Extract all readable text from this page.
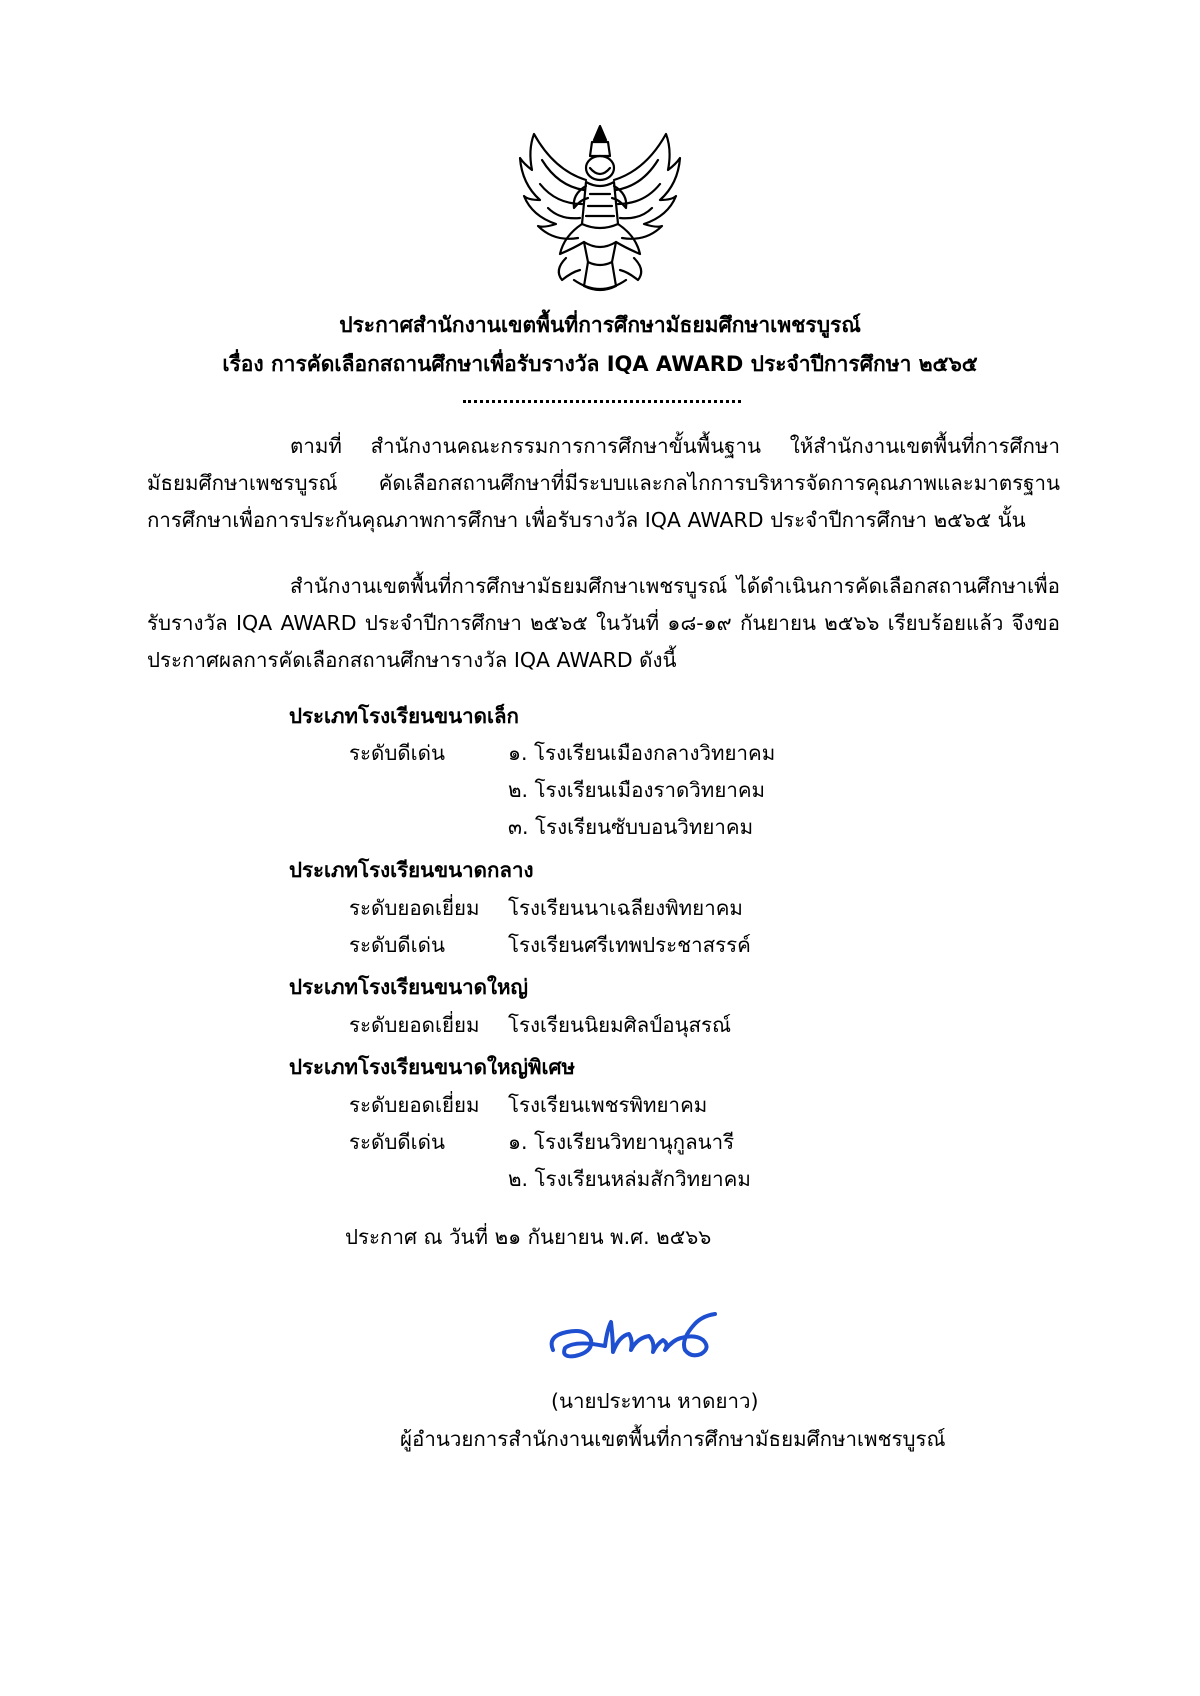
ประกาศสำนักงานเขตพื้นที่การศึกษามัธยมศึกษาเพชรบูรณ์
เรื่อง การคัดเลือกสถานศึกษาเพื่อรับรางวัล IQA AWARD ประจำปีการศึกษา ๒๕๖๕
ตามที่ สำนักงานคณะกรรมการการศึกษาขั้นพื้นฐาน ให้สำนักงานเขตพื้นที่การศึกษามัธยมศึกษาเพชรบูรณ์ คัดเลือกสถานศึกษาที่มีระบบและกลไกการบริหารจัดการคุณภาพและมาตรฐานการศึกษาเพื่อการประกันคุณภาพการศึกษา เพื่อรับรางวัล IQA AWARD ประจำปีการศึกษา ๒๕๖๕ นั้น
สำนักงานเขตพื้นที่การศึกษามัธยมศึกษาเพชรบูรณ์ ได้ดำเนินการคัดเลือกสถานศึกษาเพื่อรับรางวัล IQA AWARD ประจำปีการศึกษา ๒๕๖๕ ในวันที่ ๑๘-๑๙ กันยายน ๒๕๖๖ เรียบร้อยแล้ว จึงขอประกาศผลการคัดเลือกสถานศึกษารางวัล IQA AWARD ดังนี้
ประเภทโรงเรียนขนาดเล็ก
ระดับดีเด่น	๑. โรงเรียนเมืองกลางวิทยาคม
๒. โรงเรียนเมืองราดวิทยาคม
๓. โรงเรียนซับบอนวิทยาคม
ประเภทโรงเรียนขนาดกลาง
ระดับยอดเยี่ยม โรงเรียนนาเฉลียงพิทยาคม
ระดับดีเด่น	โรงเรียนศรีเทพประชาสรรค์
ประเภทโรงเรียนขนาดใหญ่
ระดับยอดเยี่ยม โรงเรียนนิยมศิลป์อนุสรณ์
ประเภทโรงเรียนขนาดใหญ่พิเศษ
ระดับยอดเยี่ยม โรงเรียนเพชรพิทยาคม
ระดับดีเด่น	๑. โรงเรียนวิทยานุกูลนารี
๒. โรงเรียนหล่มสักวิทยาคม
ประกาศ ณ วันที่ ๒๑ กันยายน พ.ศ. ๒๕๖๖
(นายประทาน หาดยาว)
ผู้อำนวยการสำนักงานเขตพื้นที่การศึกษามัธยมศึกษาเพชรบูรณ์
